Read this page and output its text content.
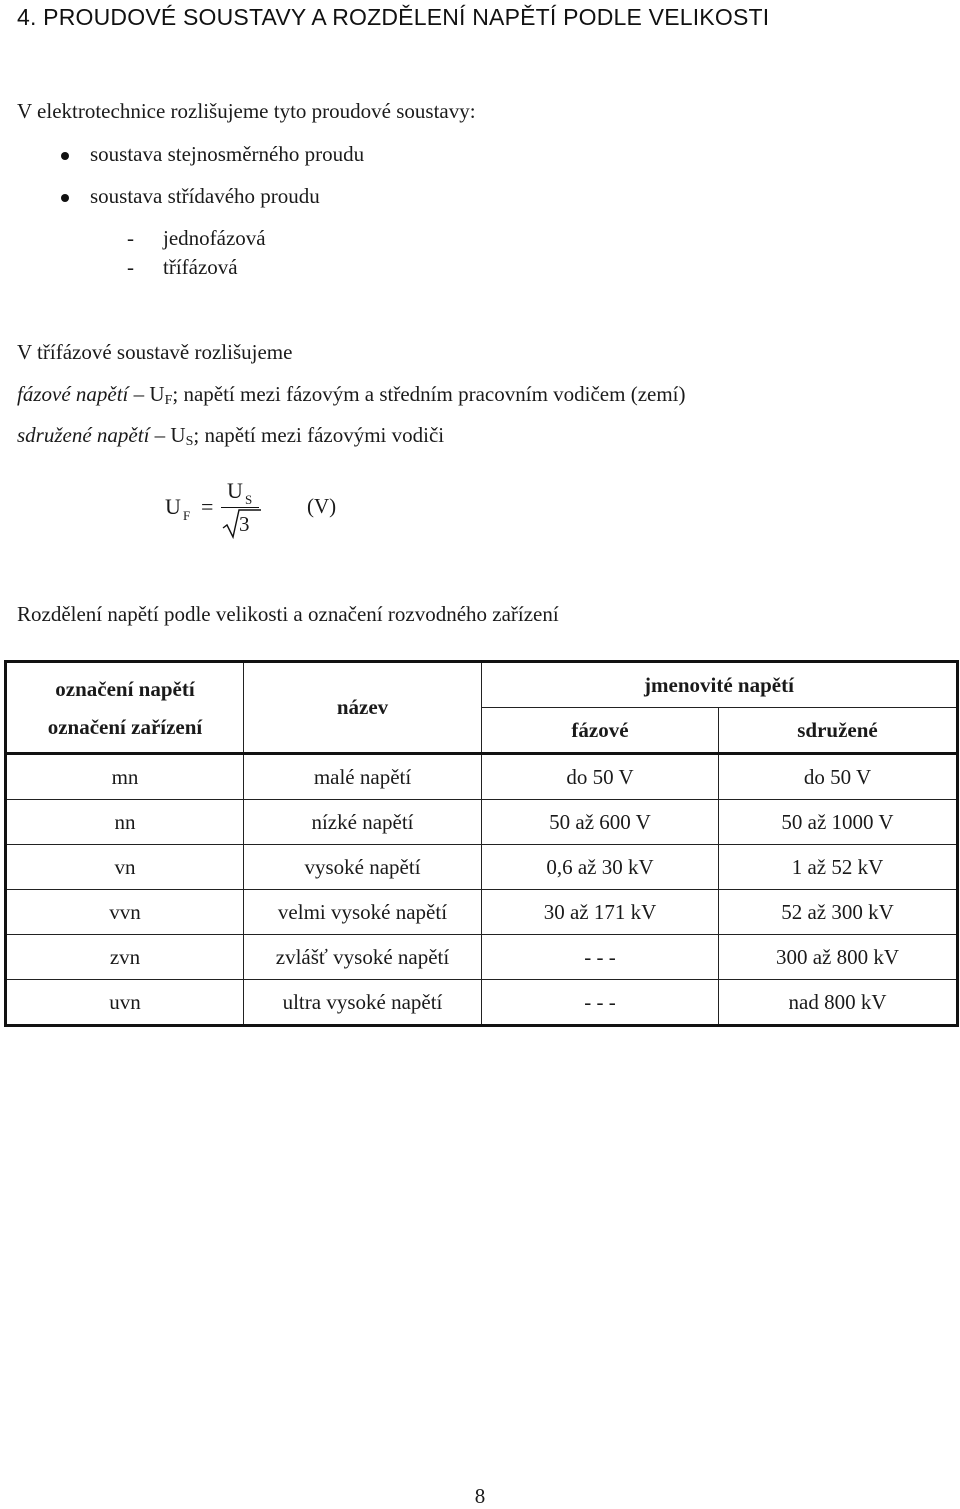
4. PROUDOVÉ SOUSTAVY A ROZDĚLENÍ NAPĚTÍ PODLE VELIKOSTI
V elektrotechnice rozlišujeme tyto proudové soustavy:
soustava stejnosměrného proudu
soustava střídavého proudu
- jednofázová
- třífázová
V třífázové soustavě rozlišujeme
fázové napětí – $U_F$; napětí mezi fázovým a středním pracovním vodičem (zemí)
sdružené napětí – $U_S$; napětí mezi fázovými vodiči
U F =
U S
3
(V)
Rozdělení napětí podle velikosti a označení rozvodného zařízení
označení napětí
označení zařízení	název	jmenovité napětí	
		fázové	sdružené
mn	malé napětí	do 50 V	do 50 V
nn	nízké napětí	50 až 600 V	50 až 1000 V
vn	vysoké napětí	0,6 až 30 kV	1 až 52 kV
vvn	velmi vysoké napětí	30 až 171 kV	52 až 300 kV
zvn	zvlášť vysoké napětí	- - -	300 až 800 kV
uvn	ultra vysoké napětí	- - -	nad 800 kV
8
